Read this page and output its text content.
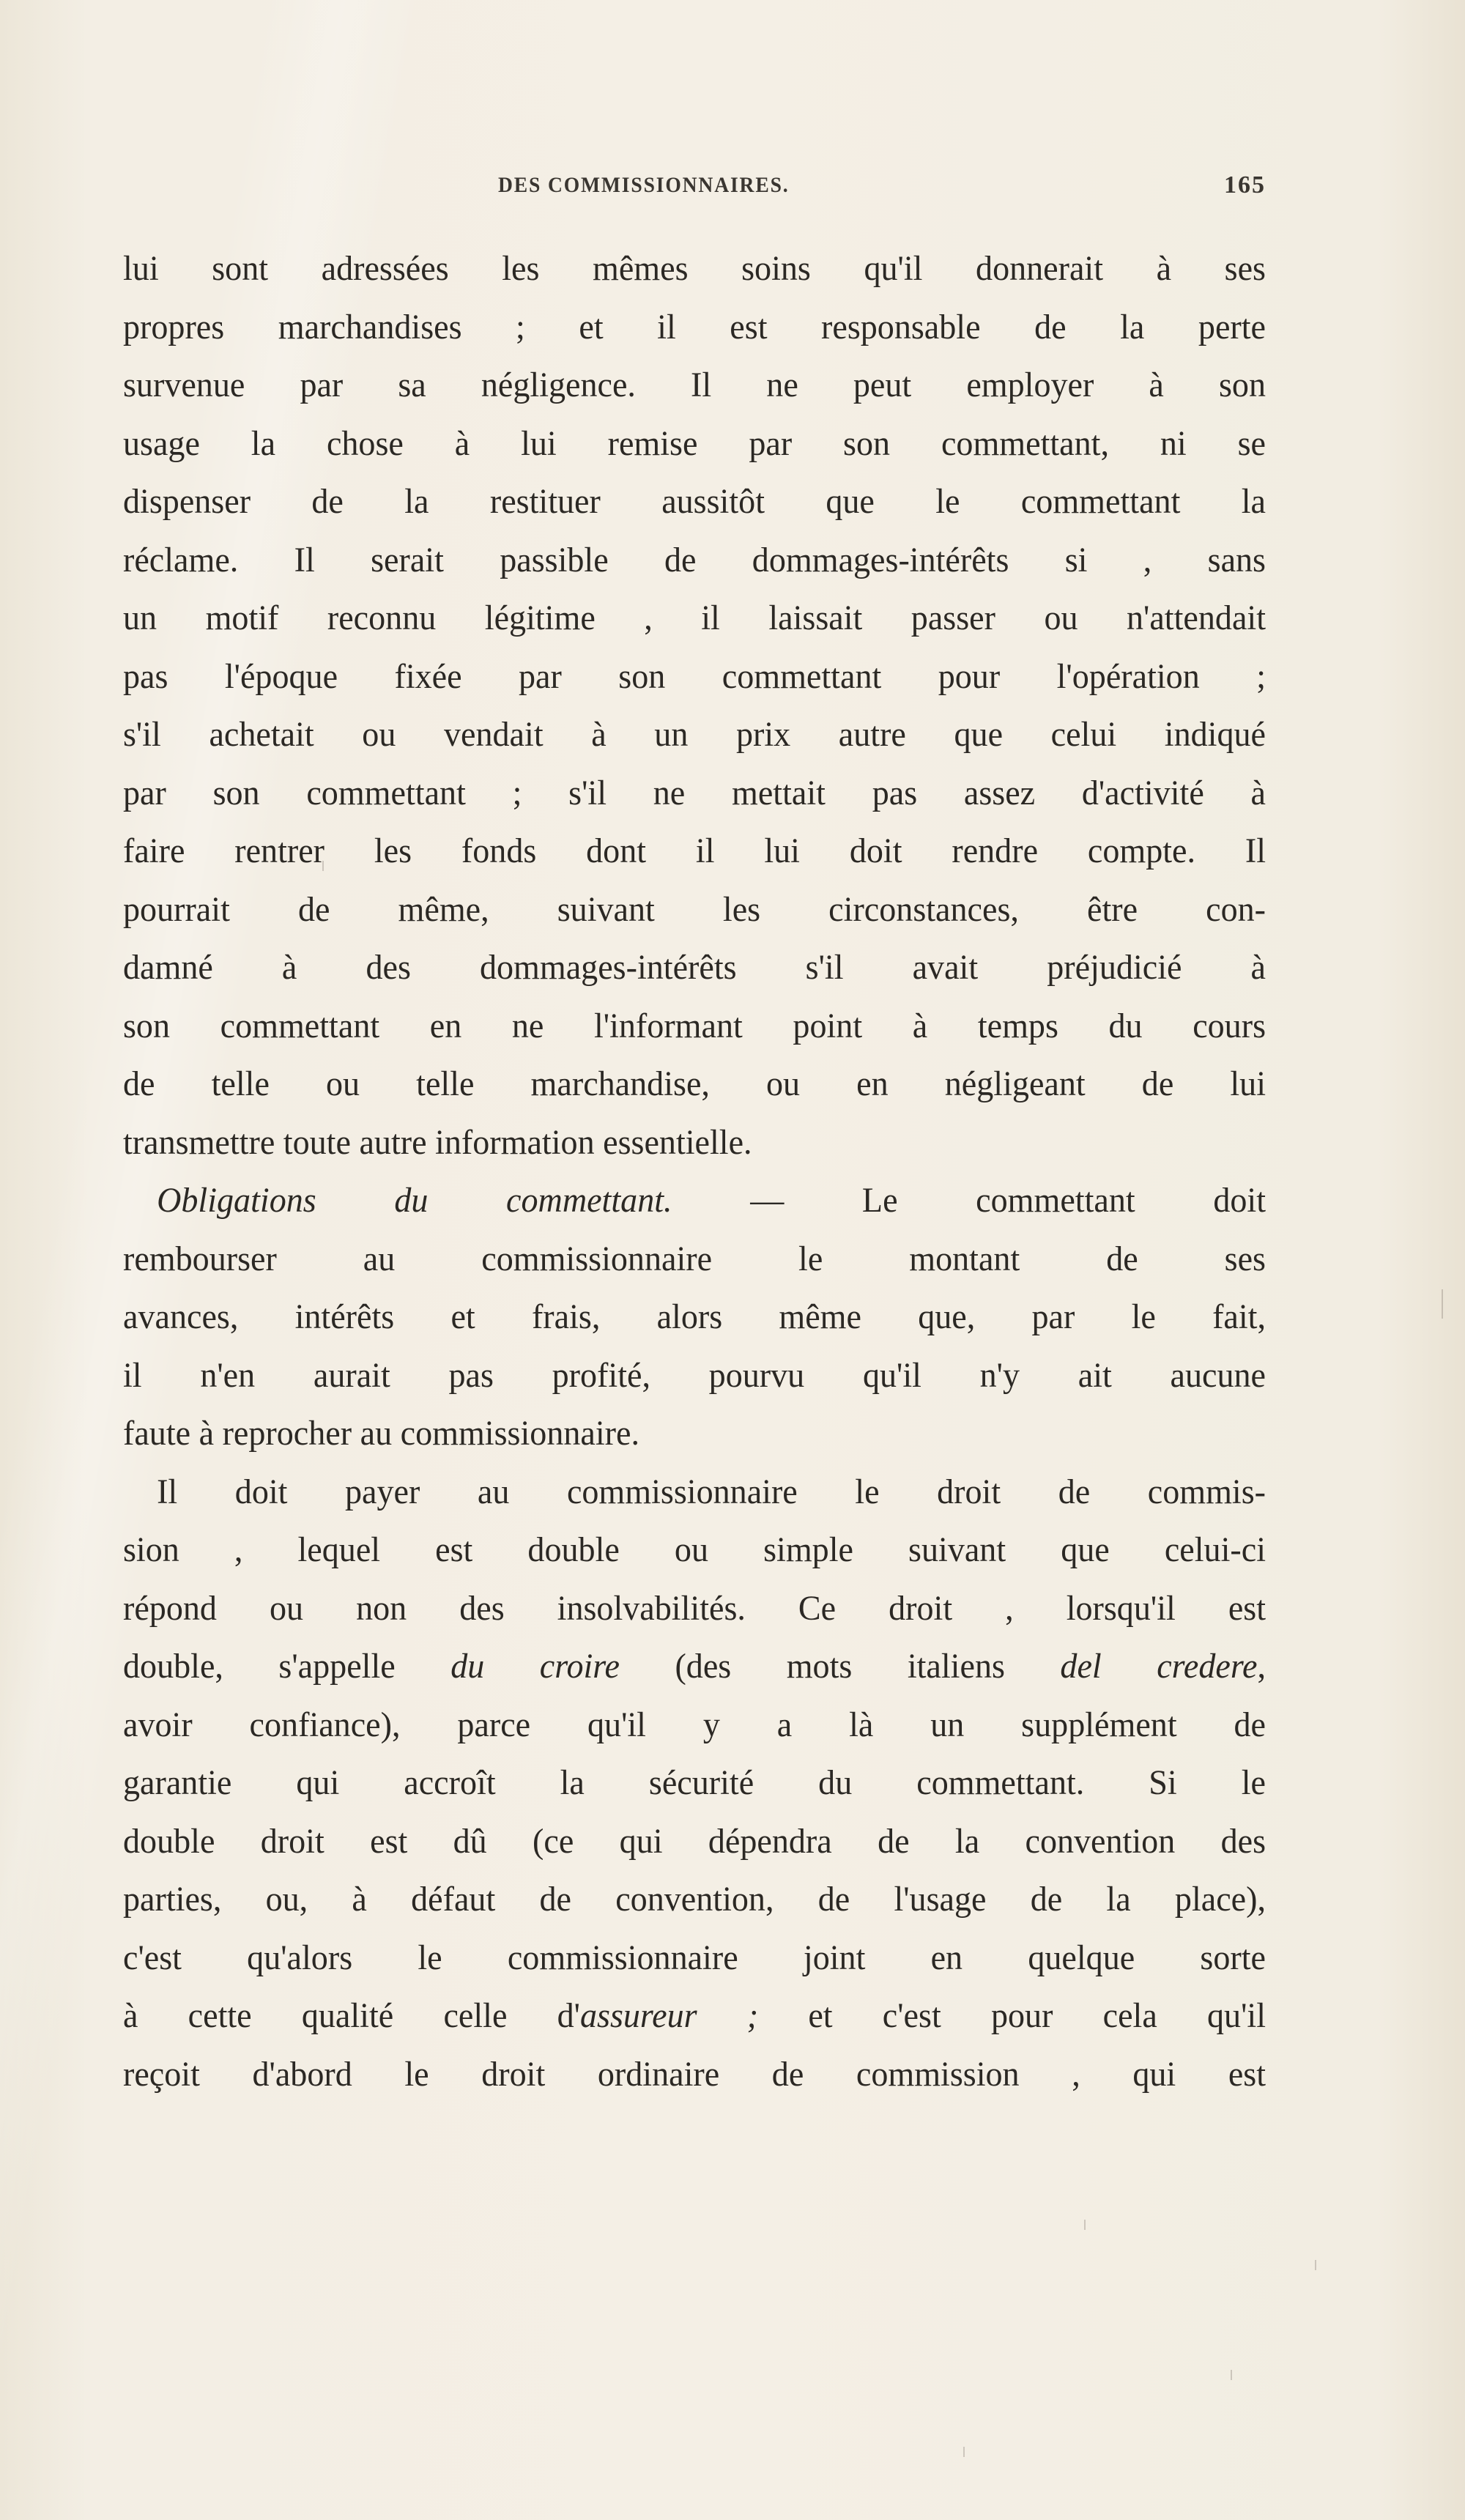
DES COMMISSIONNAIRES.	165
lui sont adressées les mêmes soins qu'il donnerait à ses
propres marchandises ; et il est responsable de la perte
survenue par sa négligence. Il ne peut employer à son
usage la chose à lui remise par son commettant, ni se
dispenser de la restituer aussitôt que le commettant la
réclame. Il serait passible de dommages-intérêts si , sans
un motif reconnu légitime , il laissait passer ou n'attendait
pas l'époque fixée par son commettant pour l'opération ;
s'il achetait ou vendait à un prix autre que celui indiqué
par son commettant ; s'il ne mettait pas assez d'activité à
faire rentrer les fonds dont il lui doit rendre compte. Il
pourrait de même, suivant les circonstances, être con-
damné à des dommages-intérêts s'il avait préjudicié à
son commettant en ne l'informant point à temps du cours
de telle ou telle marchandise, ou en négligeant de lui
transmettre toute autre information essentielle.
Obligations du commettant. — Le commettant doit
rembourser au commissionnaire le montant de ses
avances, intérêts et frais, alors même que, par le fait,
il n'en aurait pas profité, pourvu qu'il n'y ait aucune
faute à reprocher au commissionnaire.
Il doit payer au commissionnaire le droit de commis-
sion , lequel est double ou simple suivant que celui-ci
répond ou non des insolvabilités. Ce droit , lorsqu'il est
double, s'appelle du croire (des mots italiens del credere,
avoir confiance), parce qu'il y a là un supplément de
garantie qui accroît la sécurité du commettant. Si le
double droit est dû (ce qui dépendra de la convention des
parties, ou, à défaut de convention, de l'usage de la place),
c'est qu'alors le commissionnaire joint en quelque sorte
à cette qualité celle d'assureur ; et c'est pour cela qu'il
reçoit d'abord le droit ordinaire de commission , qui est
